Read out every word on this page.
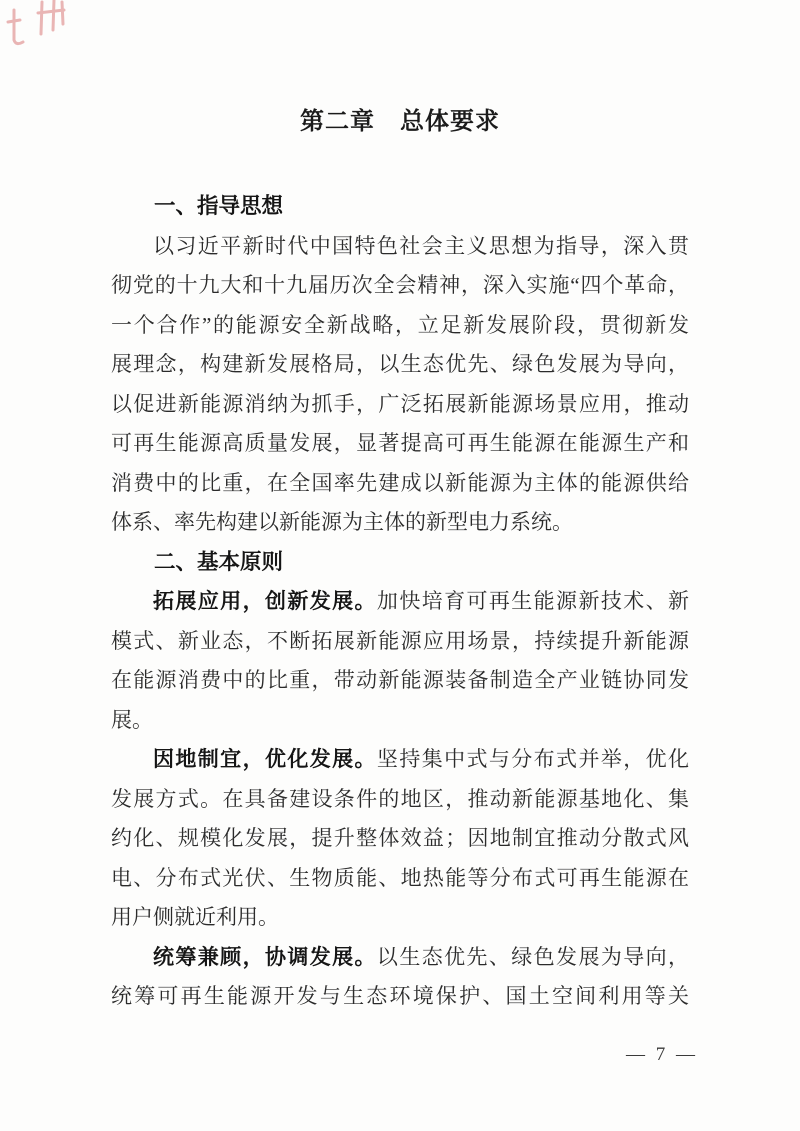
第二章　总体要求
一、指导思想
以习近平新时代中国特色社会主义思想为指导，深入贯
彻党的十九大和十九届历次全会精神，深入实施“四个革命，
一个合作”的能源安全新战略，立足新发展阶段，贯彻新发
展理念，构建新发展格局，以生态优先、绿色发展为导向，
以促进新能源消纳为抓手，广泛拓展新能源场景应用，推动
可再生能源高质量发展，显著提高可再生能源在能源生产和
消费中的比重，在全国率先建成以新能源为主体的能源供给
体系、率先构建以新能源为主体的新型电力系统。
二、基本原则
拓展应用，创新发展。加快培育可再生能源新技术、新
模式、新业态，不断拓展新能源应用场景，持续提升新能源
在能源消费中的比重，带动新能源装备制造全产业链协同发
展。
因地制宜，优化发展。坚持集中式与分布式并举，优化
发展方式。在具备建设条件的地区，推动新能源基地化、集
约化、规模化发展，提升整体效益；因地制宜推动分散式风
电、分布式光伏、生物质能、地热能等分布式可再生能源在
用户侧就近利用。
统筹兼顾，协调发展。以生态优先、绿色发展为导向，
统筹可再生能源开发与生态环境保护、国土空间利用等关
— 7 —
